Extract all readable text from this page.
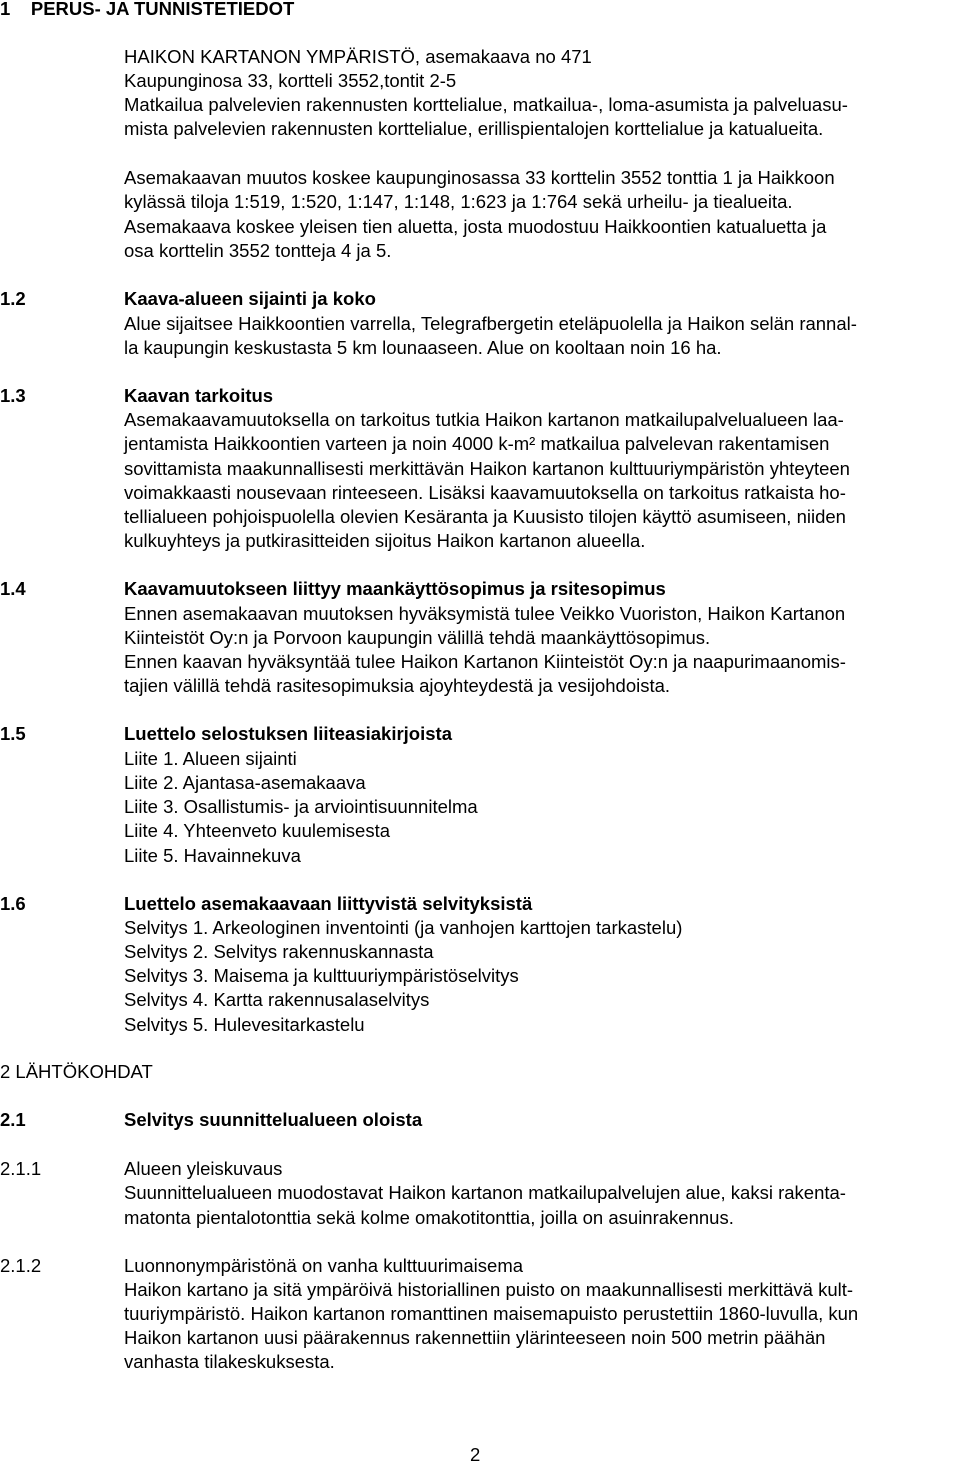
1    PERUS- JA TUNNISTETIEDOT
HAIKON KARTANON YMPÄRISTÖ, asemakaava no 471
Kaupunginosa 33, kortteli 3552,tontit 2-5
Matkailua palvelevien rakennusten korttelialue, matkailua-, loma-asumista ja palveluasu-
mista palvelevien rakennusten korttelialue, erillispientalojen korttelialue ja katualueita.
Asemakaavan muutos koskee kaupunginosassa 33 korttelin 3552 tonttia 1 ja Haikkoon
kylässä tiloja 1:519, 1:520, 1:147, 1:148, 1:623 ja 1:764 sekä urheilu- ja tiealueita.
Asemakaava koskee yleisen tien aluetta, josta muodostuu Haikkoontien katualuetta ja
osa korttelin 3552 tontteja 4 ja 5.
1.2	Kaava-alueen sijainti ja koko
Alue sijaitsee Haikkoontien varrella, Telegrafbergetin eteläpuolella ja Haikon selän rannal-
la kaupungin keskustasta 5 km lounaaseen. Alue on kooltaan noin 16 ha.
1.3	Kaavan tarkoitus
Asemakaavamuutoksella on tarkoitus tutkia Haikon kartanon matkailupalvelualueen laa-
jentamista Haikkoontien varteen ja noin 4000 k-m² matkailua palvelevan rakentamisen
sovittamista maakunnallisesti merkittävän Haikon kartanon kulttuuriympäristön yhteyteen
voimakkaasti nousevaan rinteeseen. Lisäksi kaavamuutoksella on tarkoitus ratkaista ho-
tellialueen pohjoispuolella olevien Kesäranta ja Kuusisto tilojen käyttö asumiseen, niiden
kulkuyhteys ja putkirasitteiden sijoitus Haikon kartanon alueella.
1.4	Kaavamuutokseen liittyy maankäyttösopimus ja rsitesopimus
Ennen asemakaavan muutoksen hyväksymistä tulee Veikko Vuoriston, Haikon Kartanon
Kiinteistöt Oy:n ja Porvoon kaupungin välillä tehdä maankäyttösopimus.
Ennen kaavan hyväksyntää tulee Haikon Kartanon Kiinteistöt Oy:n ja naapurimaanomis-
tajien välillä tehdä rasitesopimuksia ajoyhteydestä ja vesijohdoista.
1.5	Luettelo selostuksen liiteasiakirjoista
Liite 1. Alueen sijainti
Liite 2. Ajantasa-asemakaava
Liite 3. Osallistumis- ja arviointisuunnitelma
Liite 4. Yhteenveto kuulemisesta
Liite 5. Havainnekuva
1.6	Luettelo asemakaavaan liittyvistä selvityksistä
Selvitys 1. Arkeologinen inventointi (ja vanhojen karttojen tarkastelu)
Selvitys 2. Selvitys rakennuskannasta
Selvitys 3. Maisema ja kulttuuriympäristöselvitys
Selvitys 4. Kartta rakennusalaselvitys
Selvitys 5. Hulevesitarkastelu
2 LÄHTÖKOHDAT
2.1	Selvitys suunnittelualueen oloista
2.1.1	Alueen yleiskuvaus
Suunnittelualueen muodostavat Haikon kartanon matkailupalvelujen alue, kaksi rakenta-
matonta pientalotonttia sekä kolme omakotitonttia, joilla on asuinrakennus.
2.1.2	Luonnonympäristönä on vanha kulttuurimaisema
Haikon kartano ja sitä ympäröivä historiallinen puisto on maakunnallisesti merkittävä kult-
tuuriympäristö. Haikon kartanon romanttinen maisemapuisto perustettiin 1860-luvulla, kun
Haikon kartanon uusi päärakennus rakennettiin ylärinteeseen noin 500 metrin päähän
vanhasta tilakeskuksesta.
2
